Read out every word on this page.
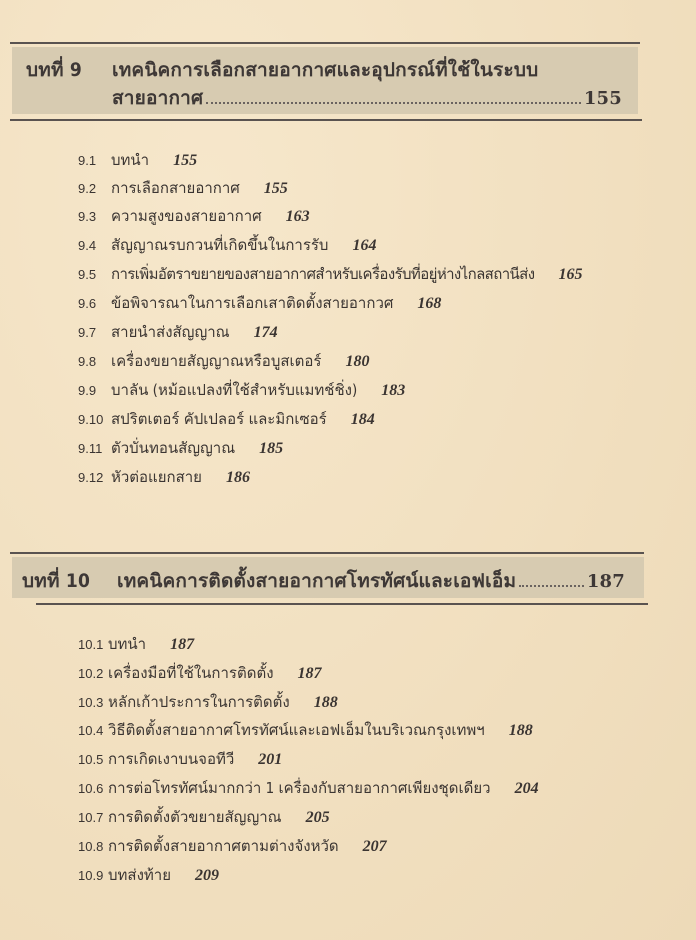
บทที่ 9 เทคนิคการเลือกสายอากาศและอุปกรณ์ที่ใช้ในระบบ
สายอากาศ	155
9.1 บทนำ 155
9.2 การเลือกสายอากาศ 155
9.3 ความสูงของสายอากาศ 163
9.4 สัญญาณรบกวนที่เกิดขึ้นในการรับ 164
9.5 การเพิ่มอัตราขยายของสายอากาศสำหรับเครื่องรับที่อยู่ห่างไกลสถานีส่ง 165
9.6 ข้อพิจารณาในการเลือกเสาติดตั้งสายอากวศ 168
9.7 สายนำส่งสัญญาณ 174
9.8 เครื่องขยายสัญญาณหรือบูสเตอร์ 180
9.9 บาลัน (หม้อแปลงที่ใช้สำหรับแมทช์ชิ่ง) 183
9.10 สปริตเตอร์ คัปเปลอร์ และมิกเซอร์ 184
9.11 ตัวบั่นทอนสัญญาณ 185
9.12 หัวต่อแยกสาย 186
บทที่ 10 เทคนิคการติดตั้งสายอากาศโทรทัศน์และเอฟเอ็ม	187
10.1 บทนำ 187
10.2 เครื่องมือที่ใช้ในการติดตั้ง 187
10.3 หลักเก้าประการในการติดตั้ง 188
10.4 วิธีติดตั้งสายอากาศโทรทัศน์และเอฟเอ็มในบริเวณกรุงเทพฯ 188
10.5 การเกิดเงาบนจอทีวี 201
10.6 การต่อโทรทัศน์มากกว่า 1 เครื่องกับสายอากาศเพียงชุดเดียว 204
10.7 การติดตั้งตัวขยายสัญญาณ 205
10.8 การติดตั้งสายอากาศตามต่างจังหวัด 207
10.9 บทส่งท้าย 209
